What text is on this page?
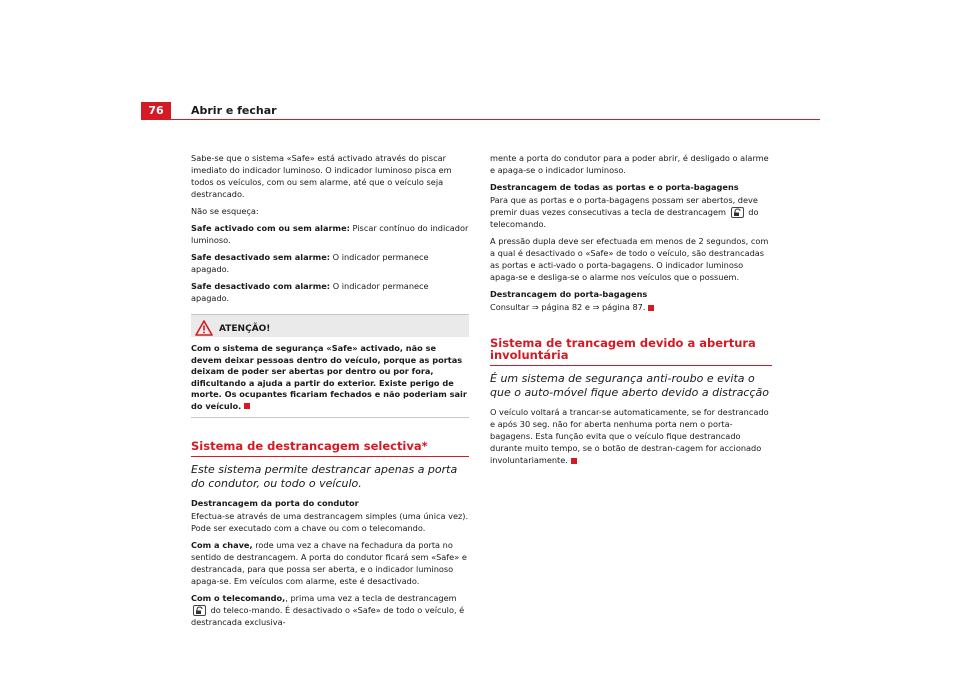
76	Abrir e fechar

Sabe-se que o sistema «Safe» está activado através do piscar imediato do indicador luminoso. O indicador luminoso pisca em todos os veículos, com ou sem alarme, até que o veículo seja destrancado.

Não se esqueça:

Safe activado com ou sem alarme: Piscar contínuo do indicador luminoso.

Safe desactivado sem alarme: O indicador permanece apagado.

Safe desactivado com alarme: O indicador permanece apagado.

ATENÇÃO!
Com o sistema de segurança «Safe» activado, não se devem deixar pessoas dentro do veículo, porque as portas deixam de poder ser abertas por dentro ou por fora, dificultando a ajuda a partir do exterior. Existe perigo de morte. Os ocupantes ficariam fechados e não poderiam sair do veículo.
Sistema de destrancagem selectiva*
Este sistema permite destrancar apenas a porta do condutor, ou todo o veículo.
Destrancagem da porta do condutor

Efectua-se através de uma destrancagem simples (uma única vez). Pode ser executado com a chave ou com o telecomando.

Com a chave, rode uma vez a chave na fechadura da porta no sentido de destrancagem. A porta do condutor ficará sem «Safe» e destrancada, para que possa ser aberta, e o indicador luminoso apaga-se. Em veículos com alarme, este é desactivado.

Com o telecomando,, prima uma vez a tecla de destrancagem
do teleco-mando. É desactivado o «Safe» de todo o veículo, é destrancada exclusiva-

mente a porta do condutor para a poder abrir, é desligado o alarme e apaga-se o indicador luminoso.

Destrancagem de todas as portas e o porta-bagagens

Para que as portas e o porta-bagagens possam ser abertos, deve premir duas vezes consecutivas a tecla de destrancagem
do telecomando.

A pressão dupla deve ser efectuada em menos de 2 segundos, com a qual é desactivado o «Safe» de todo o veículo, são destrancadas as portas e acti-vado o porta-bagagens. O indicador luminoso apaga-se e desliga-se o alarme nos veículos que o possuem.

Destrancagem do porta-bagagens

Consultar ⇒ página 82 e ⇒ página 87.

Sistema de trancagem devido a abertura involuntária
É um sistema de segurança anti-roubo e evita o que o auto-móvel fique aberto devido a distracção

O veículo voltará a trancar-se automaticamente, se for destrancado e após 30 seg. não for aberta nenhuma porta nem o porta-bagagens. Esta função evita que o veículo fique destrancado durante muito tempo, se o botão de destran-cagem for accionado involuntariamente.
